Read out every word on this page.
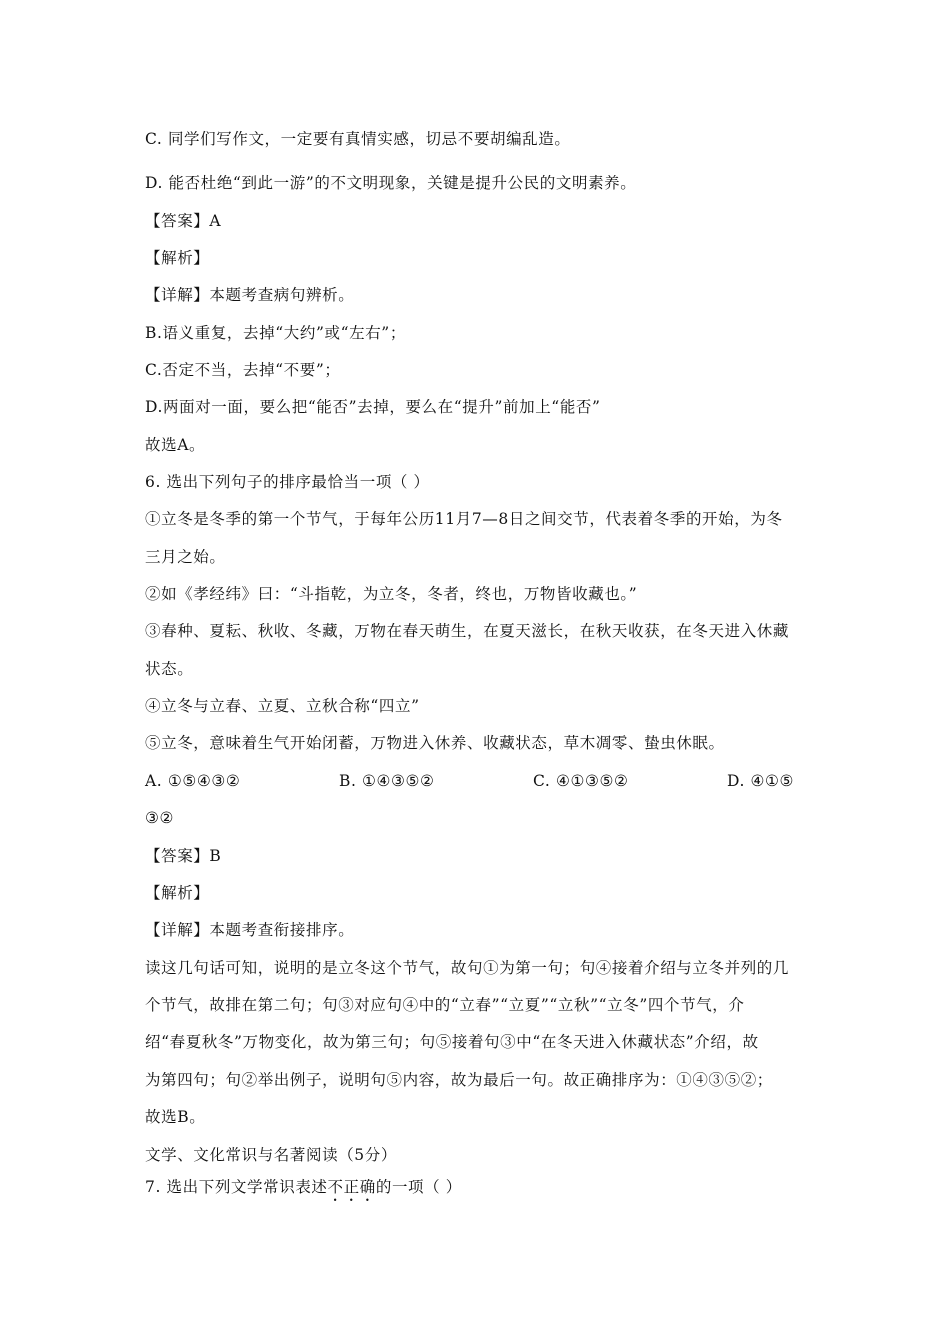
C. 同学们写作文，一定要有真情实感，切忌不要胡编乱造。
D. 能否杜绝“到此一游”的不文明现象，关键是提升公民的文明素养。
【答案】A
【解析】
【详解】本题考查病句辨析。
B.语义重复，去掉“大约”或“左右”；
C.否定不当，去掉“不要”；
D.两面对一面，要么把“能否”去掉，要么在“提升”前加上“能否”
故选A。
6. 选出下列句子的排序最恰当一项（ ）
①立冬是冬季的第一个节气，于每年公历11月7—8日之间交节，代表着冬季的开始，为冬
三月之始。
②如《孝经纬》曰：“斗指乾，为立冬，冬者，终也，万物皆收藏也。”
③春种、夏耘、秋收、冬藏，万物在春天萌生，在夏天滋长，在秋天收获，在冬天进入休藏
状态。
④立冬与立春、立夏、立秋合称“四立”
⑤立冬，意味着生气开始闭蓄，万物进入休养、收藏状态，草木凋零、蛰虫休眠。
A. ①⑤④③②	B. ①④③⑤②	C. ④①③⑤②	D. ④①⑤
③②
【答案】B
【解析】
【详解】本题考查衔接排序。
读这几句话可知，说明的是立冬这个节气，故句①为第一句；句④接着介绍与立冬并列的几
个节气，故排在第二句；句③对应句④中的“立春”“立夏”“立秋”“立冬”四个节气，介
绍“春夏秋冬”万物变化，故为第三句；句⑤接着句③中“在冬天进入休藏状态”介绍，故
为第四句；句②举出例子，说明句⑤内容，故为最后一句。故正确排序为：①④③⑤②；
故选B。
文学、文化常识与名著阅读（5分）
7. 选出下列文学常识表述不正确的一项（ ）
